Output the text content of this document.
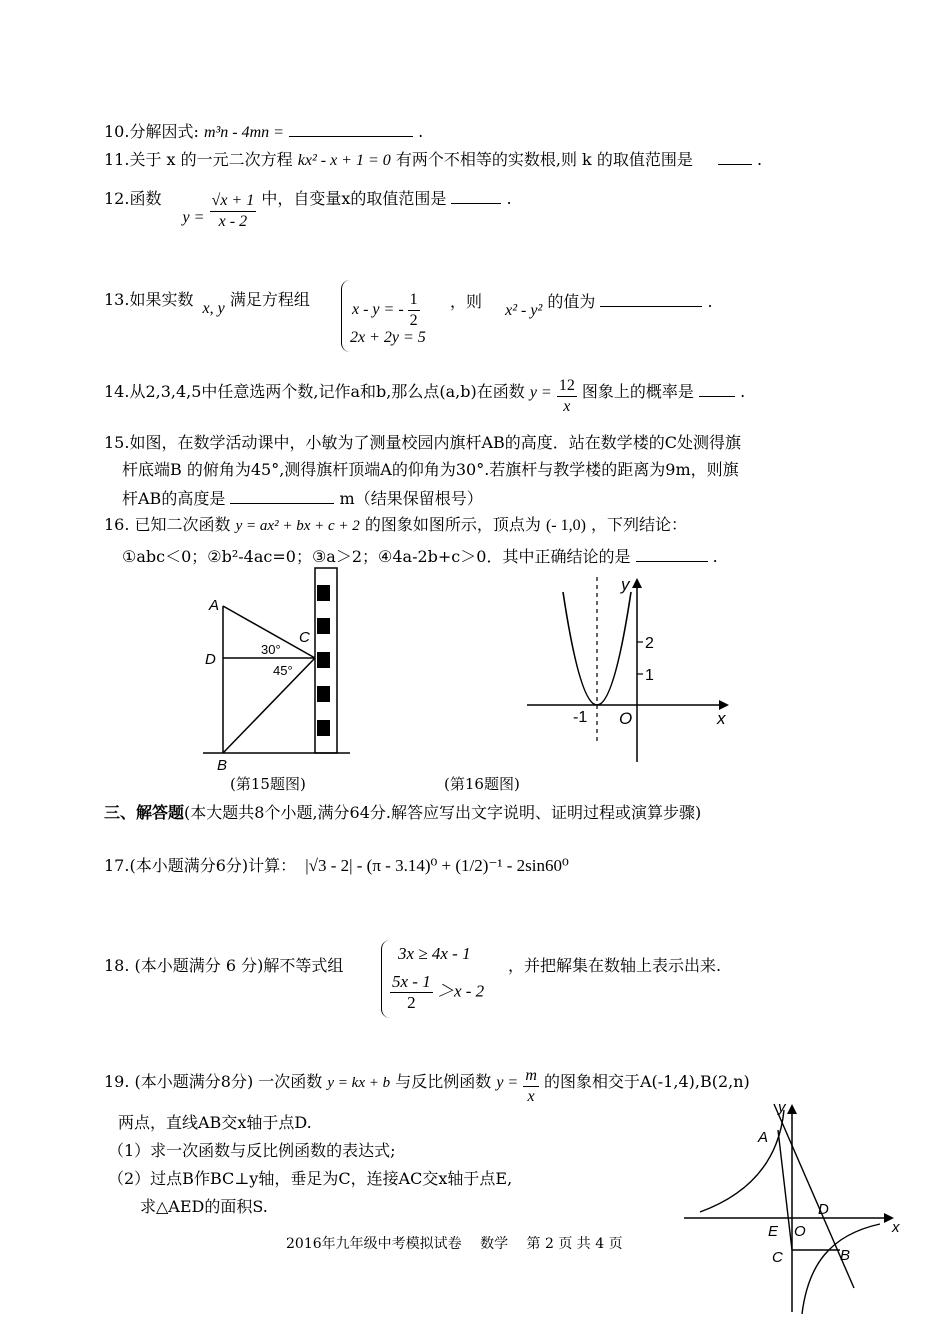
10.分解因式: m³n - 4mn =	.
11.关于 x 的一元二次方程 kx² - x + 1 = 0 有两个不相等的实数根,则 k 的取值范围是	.
12.函数 $y = \frac{√x + 1}{x - 2}$ 中，自变量x的取值范围是	.
13.如果实数 x, y 满足方程组
x - y = - $\frac{1}{2}$
2x + 2y = 5
，则 x² - y² 的值为	.
14.从2,3,4,5中任意选两个数,记作a和b,那么点(a,b)在函数 $y = \frac{12}{x}$ 图象上的概率是	.
15.如图，在数学活动课中，小敏为了测量校园内旗杆AB的高度．站在数学楼的C处测得旗
杆底端B 的俯角为45°,测得旗杆顶端A的仰角为30°.若旗杆与教学楼的距离为9m，则旗
杆AB的高度是	m（结果保留根号）
16. 已知二次函数 y = ax² + bx + c + 2 的图象如图所示，顶点为 (- 1,0) ，下列结论：
①abc＜0；②b²-4ac=0；③a＞2；④4a-2b+c＞0．其中正确结论的是	.
A
D
C
B
30°
45°
(第15题图)
y
x
O
-1
1
2
(第16题图)
三、解答题(本大题共8个小题,满分64分.解答应写出文字说明、证明过程或演算步骤)
17.(本小题满分6分)计算： |√3 - 2| - (π - 3.14)⁰ + (1/2)⁻¹ - 2sin60⁰
18. (本小题满分 6 分)解不等式组
3x ≥ 4x - 1
$\frac{5x - 1}{2} >x - 2$
，并把解集在数轴上表示出来.
19. (本小题满分8分) 一次函数 y = kx + b 与反比例函数 $y = \frac{m}{x}$ 的图象相交于A(-1,4),B(2,n)
两点，直线AB交x轴于点D.
（1）求一次函数与反比例函数的表达式;
（2）过点B作BC⊥y轴，垂足为C，连接AC交x轴于点E,
求△AED的面积S.
y
x
A
D
E O
C	B
2016年九年级中考模拟试卷　 数学　 第 2 页 共 4 页
